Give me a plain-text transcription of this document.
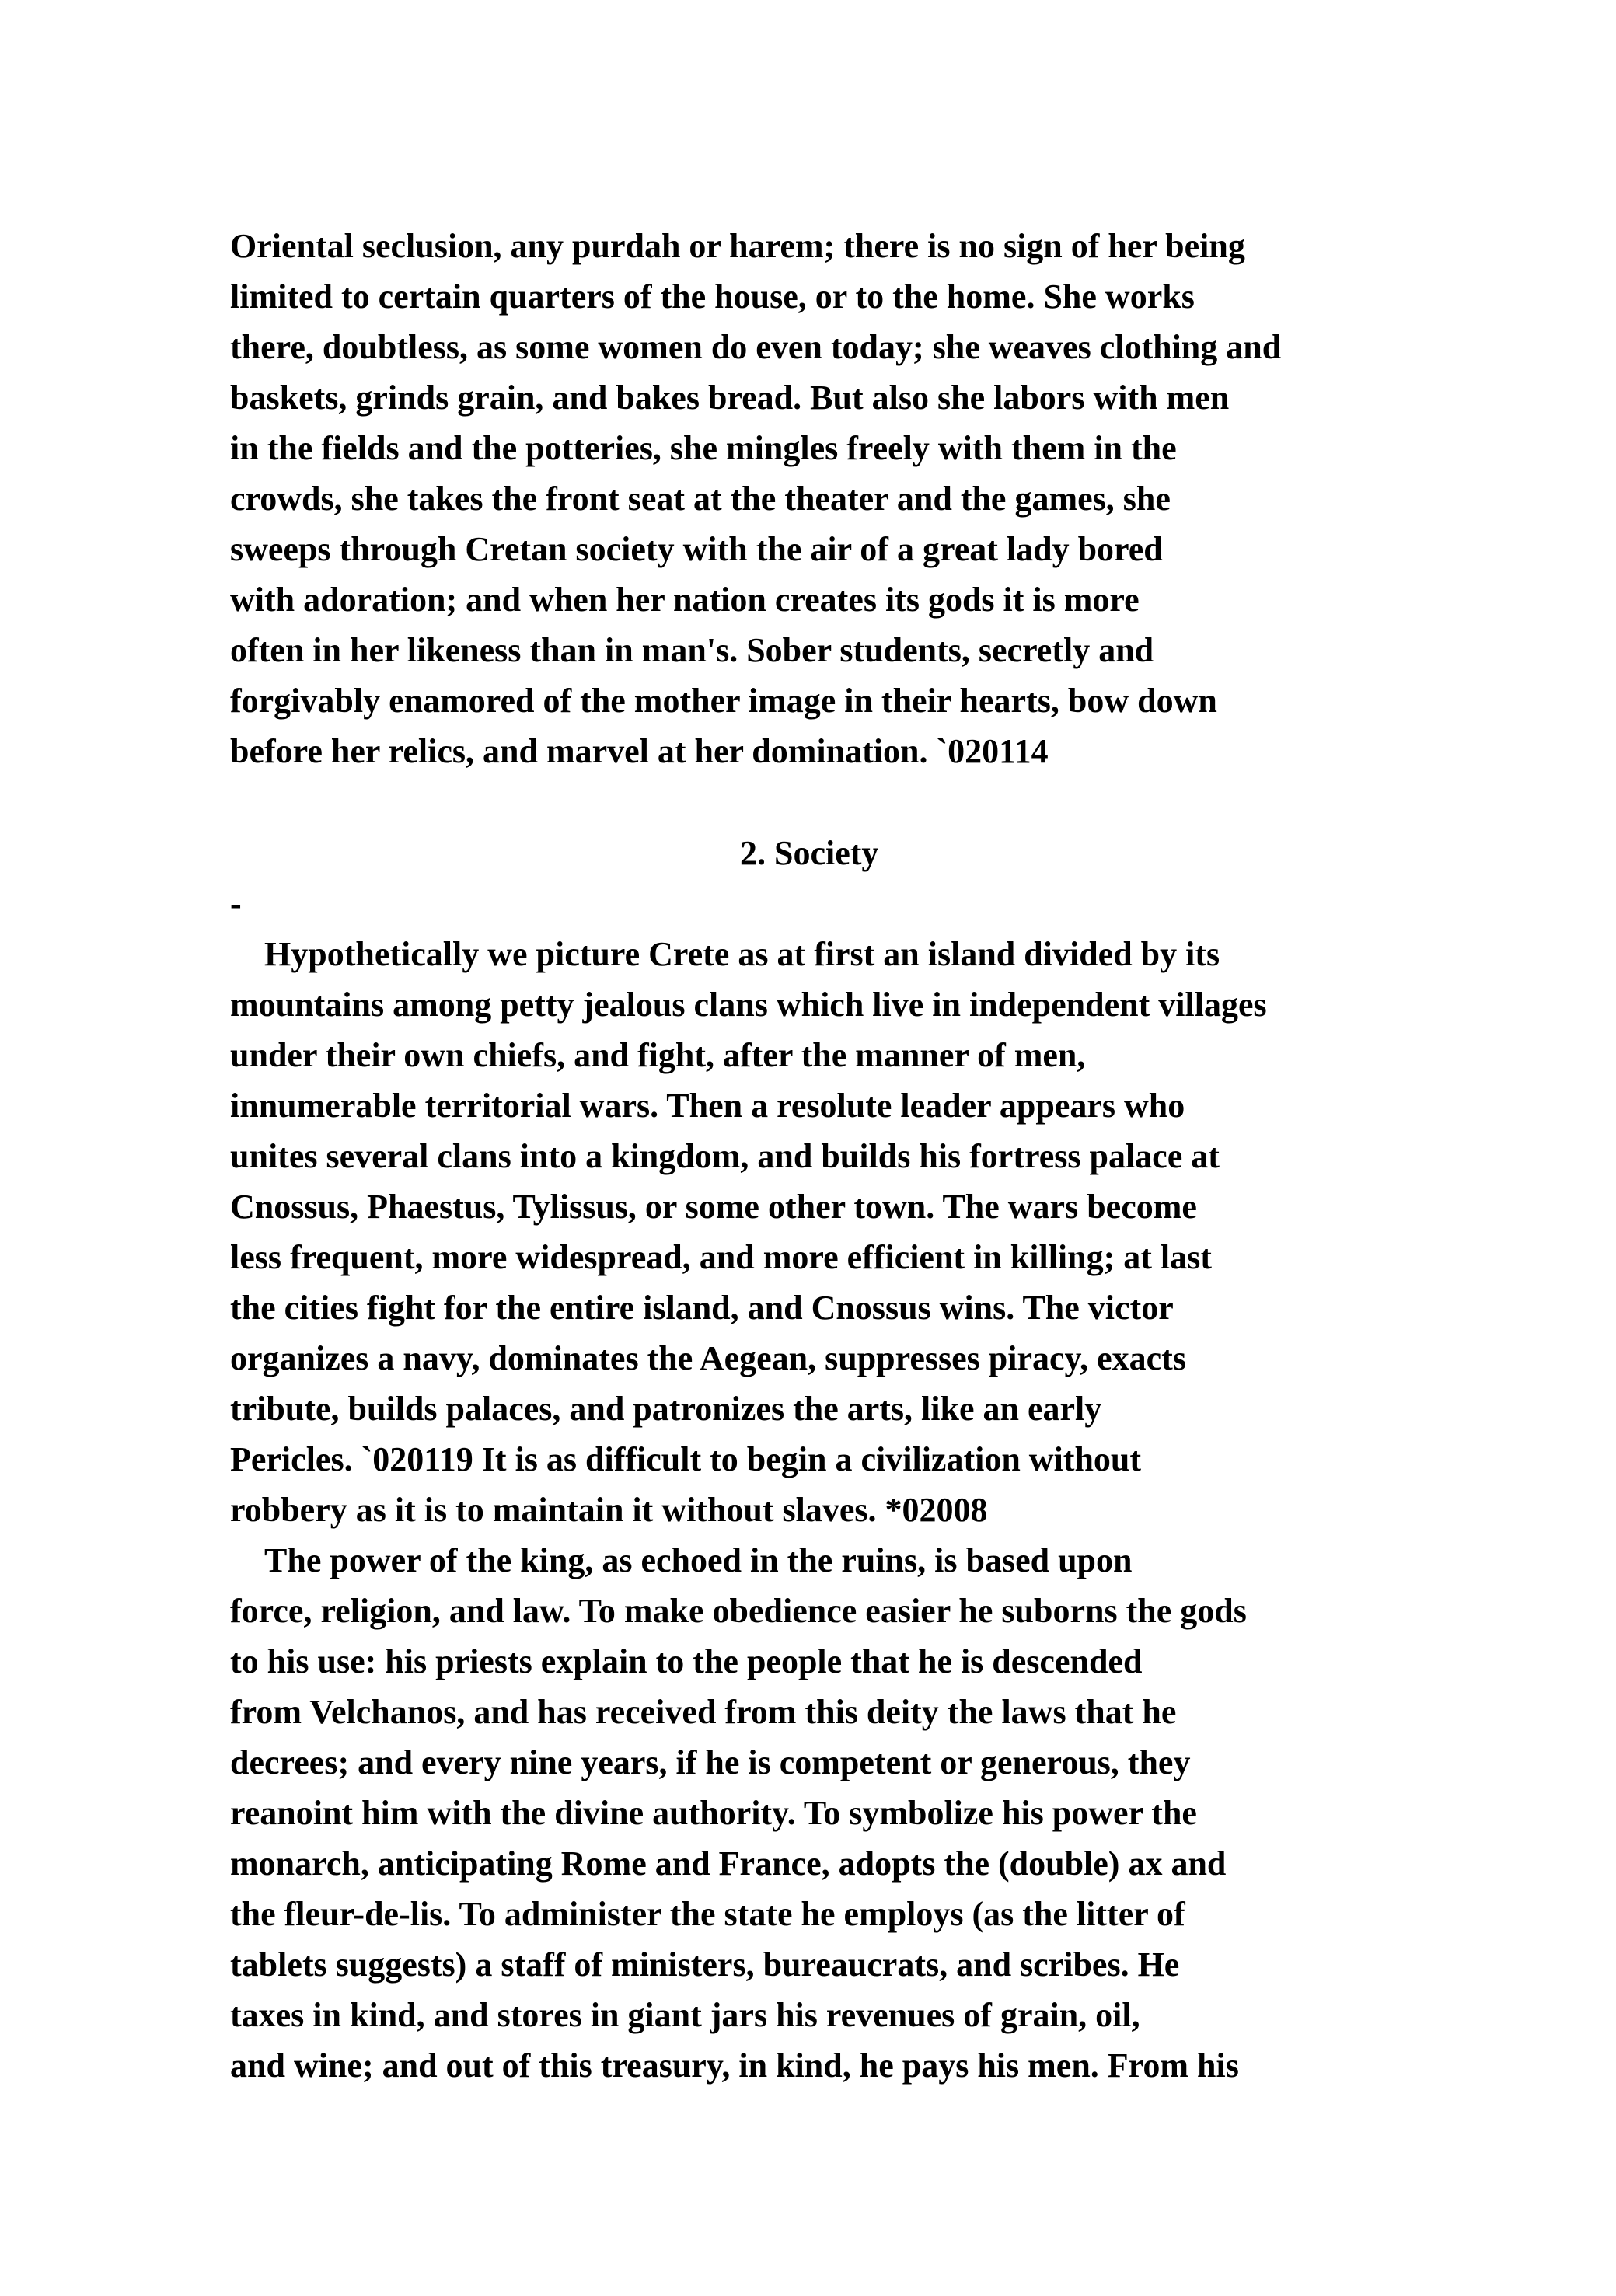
Oriental seclusion, any purdah or harem; there is no sign of her being
limited to certain quarters of the house, or to the home. She works
there, doubtless, as some women do even today; she weaves clothing and
baskets, grinds grain, and bakes bread. But also she labors with men
in the fields and the potteries, she mingles freely with them in the
crowds, she takes the front seat at the theater and the games, she
sweeps through Cretan society with the air of a great lady bored
with adoration; and when her nation creates its gods it is more
often in her likeness than in man's. Sober students, secretly and
forgivably enamored of the mother image in their hearts, bow down
before her relics, and marvel at her domination. `020114
2. Society
-
Hypothetically we picture Crete as at first an island divided by its
mountains among petty jealous clans which live in independent villages
under their own chiefs, and fight, after the manner of men,
innumerable territorial wars. Then a resolute leader appears who
unites several clans into a kingdom, and builds his fortress palace at
Cnossus, Phaestus, Tylissus, or some other town. The wars become
less frequent, more widespread, and more efficient in killing; at last
the cities fight for the entire island, and Cnossus wins. The victor
organizes a navy, dominates the Aegean, suppresses piracy, exacts
tribute, builds palaces, and patronizes the arts, like an early
Pericles. `020119 It is as difficult to begin a civilization without
robbery as it is to maintain it without slaves. *02008
The power of the king, as echoed in the ruins, is based upon
force, religion, and law. To make obedience easier he suborns the gods
to his use: his priests explain to the people that he is descended
from Velchanos, and has received from this deity the laws that he
decrees; and every nine years, if he is competent or generous, they
reanoint him with the divine authority. To symbolize his power the
monarch, anticipating Rome and France, adopts the (double) ax and
the fleur-de-lis. To administer the state he employs (as the litter of
tablets suggests) a staff of ministers, bureaucrats, and scribes. He
taxes in kind, and stores in giant jars his revenues of grain, oil,
and wine; and out of this treasury, in kind, he pays his men. From his
